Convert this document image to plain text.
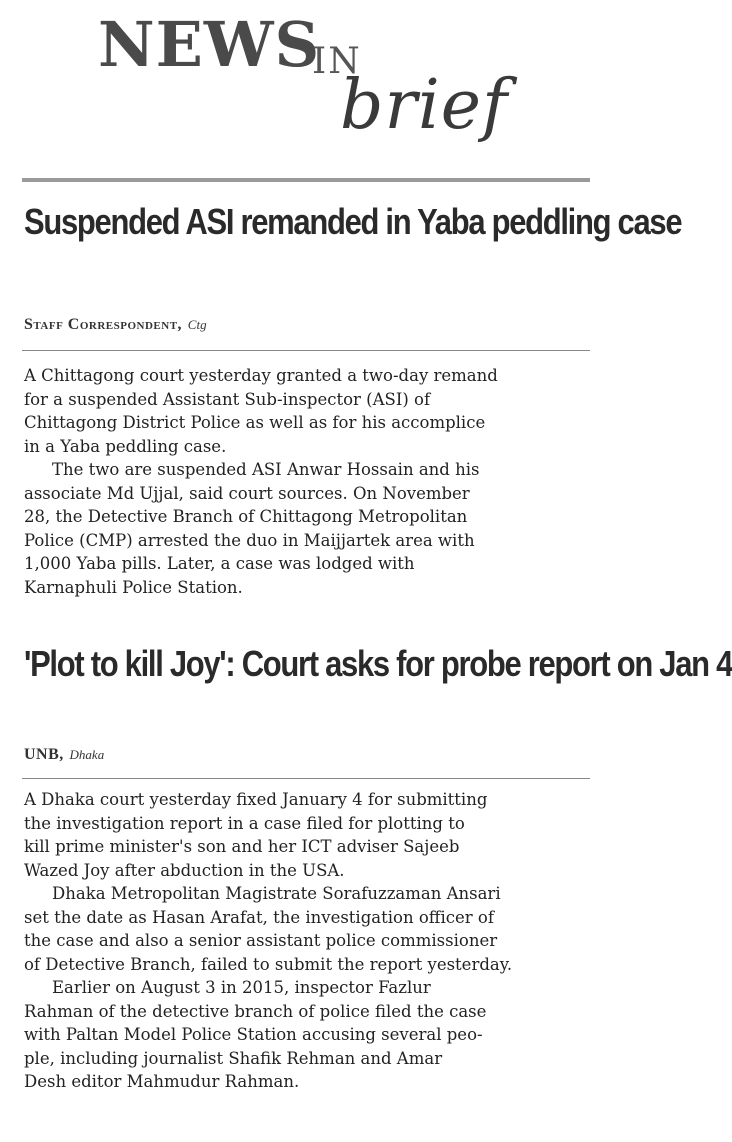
NEWS
IN
brief
Suspended ASI remanded in Yaba peddling case
Staff Correspondent, Ctg

A Chittagong court yesterday granted a two-day remand
for a suspended Assistant Sub-inspector (ASI) of
Chittagong District Police as well as for his accomplice
in a Yaba peddling case.

The two are suspended ASI Anwar Hossain and his
associate Md Ujjal, said court sources. On November
28, the Detective Branch of Chittagong Metropolitan
Police (CMP) arrested the duo in Maijjartek area with
1,000 Yaba pills. Later, a case was lodged with
Karnaphuli Police Station.

'Plot to kill Joy': Court asks for probe report on Jan 4
UNB, Dhaka

A Dhaka court yesterday fixed January 4 for submitting
the investigation report in a case filed for plotting to
kill prime minister's son and her ICT adviser Sajeeb
Wazed Joy after abduction in the USA.

Dhaka Metropolitan Magistrate Sorafuzzaman Ansari
set the date as Hasan Arafat, the investigation officer of
the case and also a senior assistant police commissioner
of Detective Branch, failed to submit the report yesterday.

Earlier on August 3 in 2015, inspector Fazlur
Rahman of the detective branch of police filed the case
with Paltan Model Police Station accusing several peo-
ple, including journalist Shafik Rehman and Amar
Desh editor Mahmudur Rahman.
